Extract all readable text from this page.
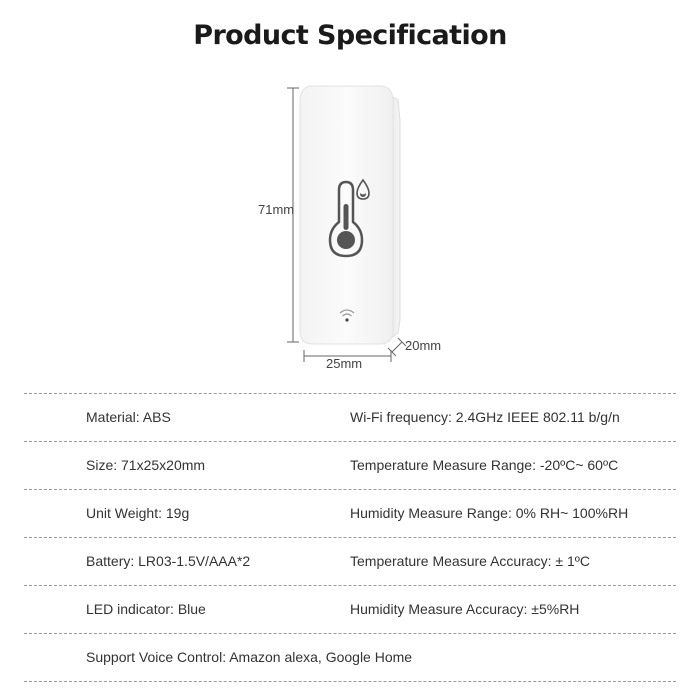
Product Specification
71mm
25mm
20mm
Material: ABS	Wi-Fi frequency: 2.4GHz IEEE 802.11 b/g/n
Size: 71x25x20mm	Temperature Measure Range: -20ºC~ 60ºC
Unit Weight: 19g	Humidity Measure Range: 0% RH~ 100%RH
Battery: LR03-1.5V/AAA*2	Temperature Measure Accuracy: ± 1ºC
LED indicator: Blue	Humidity Measure Accuracy: ±5%RH
Support Voice Control: Amazon alexa, Google Home
